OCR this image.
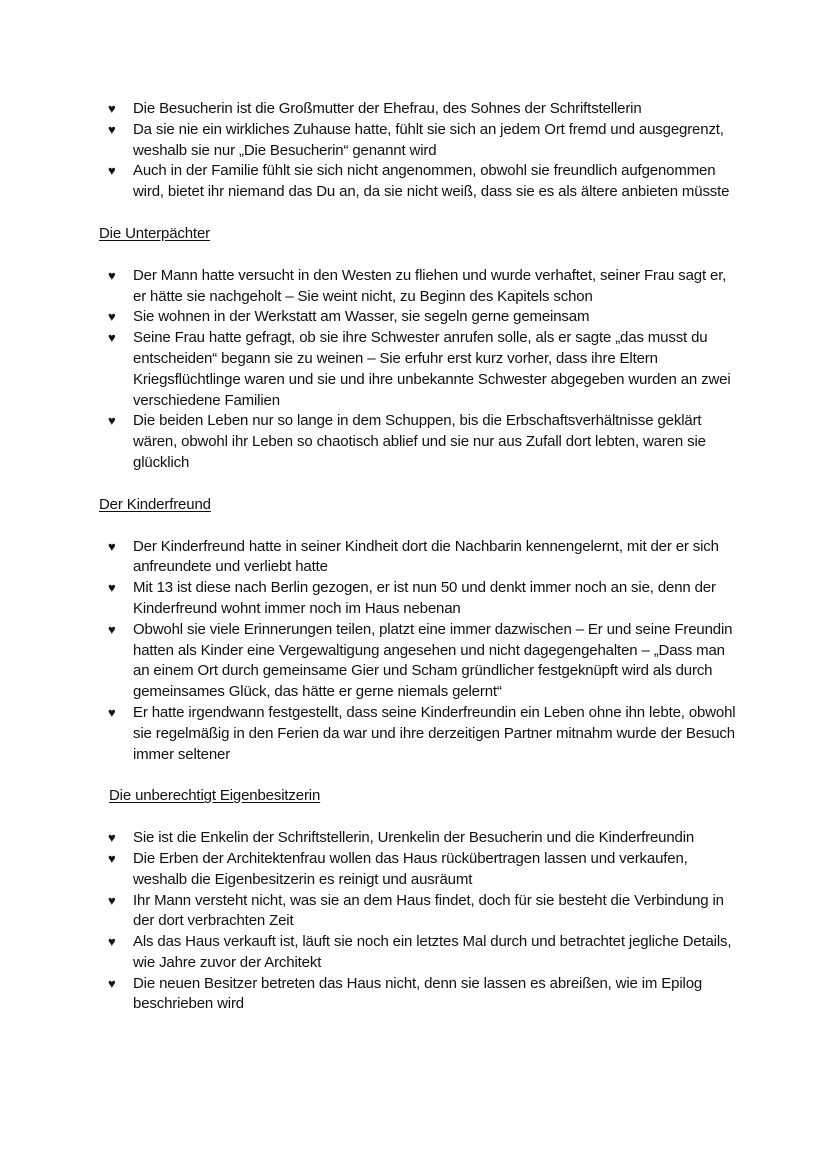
♥ Die Besucherin ist die Großmutter der Ehefrau, des Sohnes der Schriftstellerin
♥ Da sie nie ein wirkliches Zuhause hatte, fühlt sie sich an jedem Ort fremd und ausgegrenzt, weshalb sie nur „Die Besucherin“ genannt wird
♥ Auch in der Familie fühlt sie sich nicht angenommen, obwohl sie freundlich aufgenommen wird, bietet ihr niemand das Du an, da sie nicht weiß, dass sie es als ältere anbieten müsste

Die Unterpächter

♥ Der Mann hatte versucht in den Westen zu fliehen und wurde verhaftet, seiner Frau sagt er, er hätte sie nachgeholt – Sie weint nicht, zu Beginn des Kapitels schon
♥ Sie wohnen in der Werkstatt am Wasser, sie segeln gerne gemeinsam
♥ Seine Frau hatte gefragt, ob sie ihre Schwester anrufen solle, als er sagte „das musst du entscheiden“ begann sie zu weinen – Sie erfuhr erst kurz vorher, dass ihre Eltern Kriegsflüchtlinge waren und sie und ihre unbekannte Schwester abgegeben wurden an zwei verschiedene Familien
♥ Die beiden Leben nur so lange in dem Schuppen, bis die Erbschaftsverhältnisse geklärt wären, obwohl ihr Leben so chaotisch ablief und sie nur aus Zufall dort lebten, waren sie glücklich

Der Kinderfreund

♥ Der Kinderfreund hatte in seiner Kindheit dort die Nachbarin kennengelernt, mit der er sich anfreundete und verliebt hatte
♥ Mit 13 ist diese nach Berlin gezogen, er ist nun 50 und denkt immer noch an sie, denn der Kinderfreund wohnt immer noch im Haus nebenan
♥ Obwohl sie viele Erinnerungen teilen, platzt eine immer dazwischen – Er und seine Freundin hatten als Kinder eine Vergewaltigung angesehen und nicht dagegengehalten – „Dass man an einem Ort durch gemeinsame Gier und Scham gründlicher festgeknüpft wird als durch gemeinsames Glück, das hätte er gerne niemals gelernt“
♥ Er hatte irgendwann festgestellt, dass seine Kinderfreundin ein Leben ohne ihn lebte, obwohl sie regelmäßig in den Ferien da war und ihre derzeitigen Partner mitnahm wurde der Besuch immer seltener

Die unberechtigt Eigenbesitzerin

♥ Sie ist die Enkelin der Schriftstellerin, Urenkelin der Besucherin und die Kinderfreundin
♥ Die Erben der Architektenfrau wollen das Haus rückübertragen lassen und verkaufen, weshalb die Eigenbesitzerin es reinigt und ausräumt
♥ Ihr Mann versteht nicht, was sie an dem Haus findet, doch für sie besteht die Verbindung in der dort verbrachten Zeit
♥ Als das Haus verkauft ist, läuft sie noch ein letztes Mal durch und betrachtet jegliche Details, wie Jahre zuvor der Architekt
♥ Die neuen Besitzer betreten das Haus nicht, denn sie lassen es abreißen, wie im Epilog beschrieben wird
